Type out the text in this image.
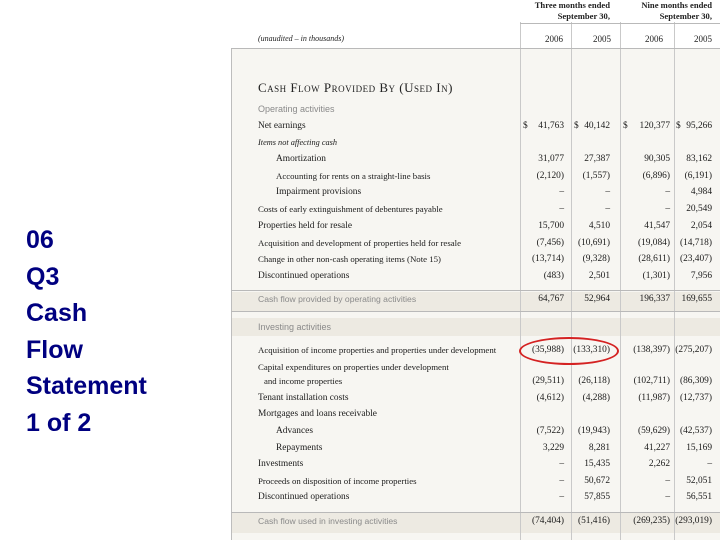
06
Q3
Cash
Flow
Statement
1 of 2
Three months ended
September 30,
Nine months ended
September 30,
(unaudited – in thousands)	2006	2005	2006	2005
Cash Flow Provided By (Used In)
Operating activities
Net earnings	$	41,763 $ 40,142 $	120,377 $ 95,266
Items not affecting cash
Amortization	31,077	27,387	90,305	83,162
Accounting for rents on a straight-line basis	(2,120)	(1,557)	(6,896)	(6,191)
Impairment provisions	–	–	–	4,984
Costs of early extinguishment of debentures payable	–	–	–	20,549
Properties held for resale	15,700	4,510	41,547	2,054
Acquisition and development of properties held for resale	(7,456)	(10,691)	(19,084)	(14,718)
Change in other non-cash operating items (Note 15)	(13,714)	(9,328)	(28,611)	(23,407)
Discontinued operations	(483)	2,501	(1,301)	7,956
Cash flow provided by operating activities	64,767	52,964	196,337	169,655
Investing activities
Acquisition of income properties and properties under development	(35,988) (133,310)	(138,397) (275,207)
Capital expenditures on properties under development
and income properties	(29,511)	(26,118)	(102,711)	(86,309)
Tenant installation costs	(4,612)	(4,288)	(11,987)	(12,737)
Mortgages and loans receivable
Advances	(7,522)	(19,943)	(59,629)	(42,537)
Repayments	3,229	8,281	41,227	15,169
Investments	–	15,435	2,262	–
Proceeds on disposition of income properties	–	50,672	–	52,051
Discontinued operations	–	57,855	–	56,551
Cash flow used in investing activities	(74,404)	(51,416)	(269,235) (293,019)
